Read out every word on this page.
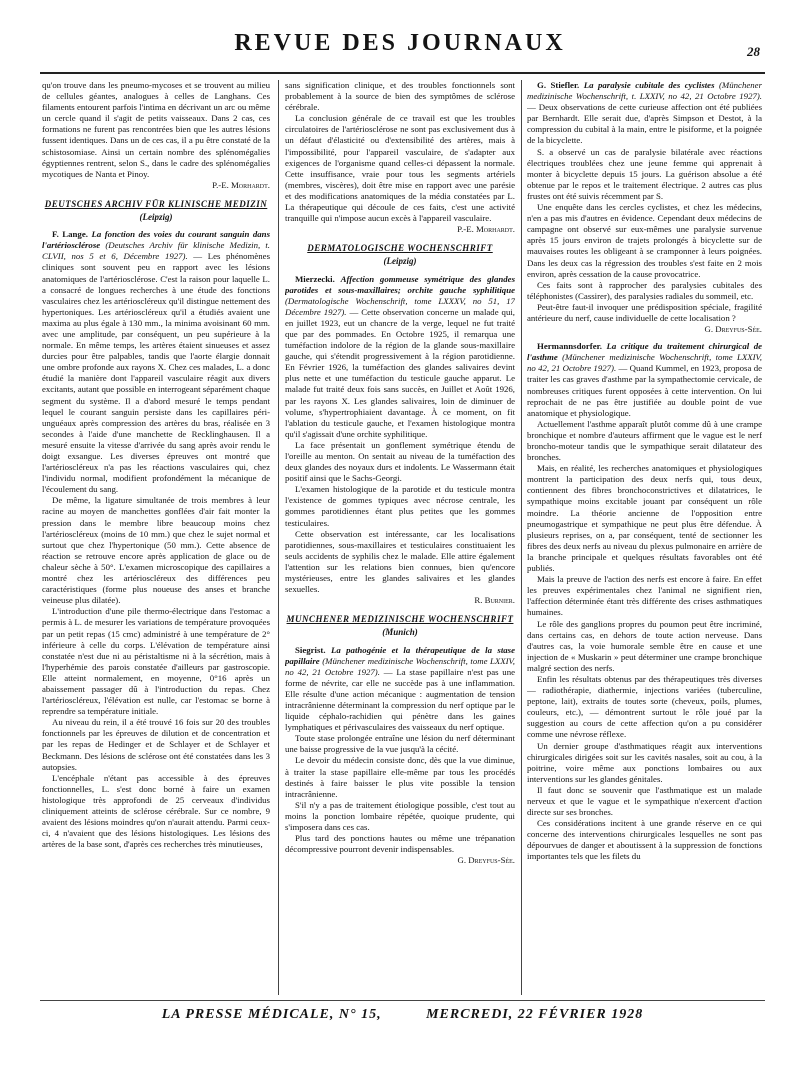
REVUE DES JOURNAUX	28

qu'on trouve dans les pneumo-mycoses et se trouvent au milieu de cellules géantes, analogues à celles de Langhans. Ces filaments entourent parfois l'intima en décrivant un arc ou même un cercle quand il s'agit de petits vaisseaux. Dans 2 cas, ces formations ne furent pas rencontrées bien que les autres lésions fussent identiques. Dans un de ces cas, il a pu être constaté de la schistosomiase. Ainsi un certain nombre des splénomégalies égyptiennes rentrent, selon S., dans le cadre des splénomégalies mycotiques de Nanta et Pinoy.

P.-E. Morhardt.

DEUTSCHES ARCHIV FÜR KLINISCHE MEDIZIN
(Leipzig)

F. Lange. La fonction des voies du courant sanguin dans l'artériosclérose (Deutsches Archiv für klinische Medizin, t. CLVII, nos 5 et 6, Décembre 1927). — Les phénomènes cliniques sont souvent peu en rapport avec les lésions anatomiques de l'artériosclérose. C'est la raison pour laquelle L. a consacré de longues recherches à une étude des fonctions vasculaires chez les artérioscléreux qu'il distingue nettement des hypertoniques. Les artérioscléreux qu'il a étudiés avaient une maxima au plus égale à 130 mm., la minima avoisinant 60 mm. avec une amplitude, par conséquent, un peu supérieure à la normale. En même temps, les artères étaient sinueuses et assez durcies pour être palpables, tandis que l'aorte élargie donnait une ombre profonde aux rayons X. Chez ces malades, L. a donc étudié la manière dont l'appareil vasculaire réagit aux divers excitants, autant que possible en interrogeant séparément chaque segment du système. Il a d'abord mesuré le temps pendant lequel le courant sanguin persiste dans les capillaires péri-unguéaux après compression des artères du bras, réalisée en 3 secondes à l'aide d'une manchette de Recklinghausen. Il a mesuré ensuite la vitesse d'arrivée du sang après avoir rendu le doigt exsangue. Les diverses épreuves ont montré que l'artérioscléreux n'a pas les réactions vasculaires qui, chez l'individu normal, modifient profondément la mécanique de l'écoulement du sang.

De même, la ligature simultanée de trois membres à leur racine au moyen de manchettes gonflées d'air fait monter la pression dans le membre libre beaucoup moins chez l'artérioscléreux (moins de 10 mm.) que chez le sujet normal et surtout que chez l'hypertonique (50 mm.). Cette absence de réaction se retrouve encore après application de glace ou de chaleur sèche à 50°. L'examen microscopique des capillaires a montré chez les artérioscléreux des différences peu caractéristiques (forme plus noueuse des anses et branche veineuse plus dilatée).

L'introduction d'une pile thermo-électrique dans l'estomac a permis à L. de mesurer les variations de température provoquées par un petit repas (15 cmc) administré à une température de 2° inférieure à celle du corps. L'élévation de température ainsi constatée n'est due ni au péristaltisme ni à la sécrétion, mais à l'hyperhémie des parois constatée d'ailleurs par gastroscopie. Elle atteint normalement, en moyenne, 0°16 après un abaissement passager dû à l'introduction du repas. Chez l'artérioscléreux, l'élévation est nulle, car l'estomac se borne à reprendre sa température initiale.

Au niveau du rein, il a été trouvé 16 fois sur 20 des troubles fonctionnels par les épreuves de dilution et de concentration et par les repas de Hedinger et de Schlayer et de Schlayer et Beckmann. Des lésions de sclérose ont été constatées dans les 3 autopsies.

L'encéphale n'étant pas accessible à des épreuves fonctionnelles, L. s'est donc borné à faire un examen histologique très approfondi de 25 cerveaux d'individus cliniquement atteints de sclérose cérébrale. Sur ce nombre, 9 avaient des lésions moindres qu'on n'aurait attendu. Parmi ceux-ci, 4 n'avaient que des lésions histologiques. Les lésions des artères de la base sont, d'après ces recherches très minutieuses,

sans signification clinique, et des troubles fonctionnels sont probablement à la source de bien des symptômes de sclérose cérébrale.

La conclusion générale de ce travail est que les troubles circulatoires de l'artériosclérose ne sont pas exclusivement dus à un défaut d'élasticité ou d'extensibilité des artères, mais à l'impossibilité, pour l'appareil vasculaire, de s'adapter aux exigences de l'organisme quand celles-ci dépassent la normale. Cette insuffisance, vraie pour tous les segments artériels (membres, viscères), doit être mise en rapport avec une parésie et des modifications anatomiques de la média constatées par L. La thérapeutique qui découle de ces faits, c'est une activité tranquille qui n'impose aucun excès à l'appareil vasculaire.

P.-E. Morhardt.

DERMATOLOGISCHE WOCHENSCHRIFT
(Leipzig)

Mierzecki. Affection gommeuse symétrique des glandes parotides et sous-maxillaires; orchite gauche syphilitique (Dermatologische Wochenschrift, tome LXXXV, no 51, 17 Décembre 1927). — Cette observation concerne un malade qui, en juillet 1923, eut un chancre de la verge, lequel ne fut traité que par des pommades. En Octobre 1925, il remarqua une tuméfaction indolore de la région de la glande sous-maxillaire gauche, qui s'étendit progressivement à la région parotidienne. En Février 1926, la tuméfaction des glandes salivaires devint plus nette et une tuméfaction du testicule gauche apparut. Le malade fut traité deux fois sans succès, en Juillet et Août 1926, par les rayons X. Les glandes salivaires, loin de diminuer de volume, s'hypertrophiaient davantage. À ce moment, on fit l'ablation du testicule gauche, et l'examen histologique montra qu'il s'agissait d'une orchite syphilitique.

La face présentait un gonflement symétrique étendu de l'oreille au menton. On sentait au niveau de la tuméfaction des deux glandes des noyaux durs et indolents. Le Wassermann était positif ainsi que le Sachs-Georgi.

L'examen histologique de la parotide et du testicule montra l'existence de gommes typiques avec nécrose centrale, les gommes parotidiennes étant plus petites que les gommes testiculaires.

Cette observation est intéressante, car les localisations parotidiennes, sous-maxillaires et testiculaires constituaient les seuls accidents de syphilis chez le malade. Elle attire également l'attention sur les relations bien connues, bien qu'encore mystérieuses, entre les glandes salivaires et les glandes sexuelles.

R. Burnier.

MUNCHENER MEDIZINISCHE WOCHENSCHRIFT
(Munich)

Siegrist. La pathogénie et la thérapeutique de la stase papillaire (Münchener medizinische Wochenschrift, tome LXXIV, no 42, 21 Octobre 1927). — La stase papillaire n'est pas une forme de névrite, car elle ne succède pas à une inflammation. Elle résulte d'une action mécanique : augmentation de tension intracrânienne déterminant la compression du nerf optique par le liquide céphalo-rachidien qui pénètre dans les gaines lymphatiques et périvasculaires des vaisseaux du nerf optique.

Toute stase prolongée entraîne une lésion du nerf déterminant une baisse progressive de la vue jusqu'à la cécité.

Le devoir du médecin consiste donc, dès que la vue diminue, à traiter la stase papillaire elle-même par tous les procédés destinés à faire baisser le plus vite possible la tension intracrânienne.

S'il n'y a pas de traitement étiologique possible, c'est tout au moins la ponction lombaire répétée, quoique prudente, qui s'imposera dans ces cas.

Plus tard des ponctions hautes ou même une trépanation décompressive pourront devenir indispensables.

G. Dreyfus-Sée.

G. Stiefler. La paralysie cubitale des cyclistes (Münchener medizinische Wochenschrift, t. LXXIV, no 42, 21 Octobre 1927). — Deux observations de cette curieuse affection ont été publiées par Bernhardt. Elle serait due, d'après Simpson et Destot, à la compression du cubital à la main, entre le pisiforme, et la poignée de la bicyclette.

S. a observé un cas de paralysie bilatérale avec réactions électriques troublées chez une jeune femme qui apprenait à monter à bicyclette depuis 15 jours. La guérison absolue a été obtenue par le repos et le traitement électrique. 2 autres cas plus frustes ont été suivis récemment par S.

Une enquête dans les cercles cyclistes, et chez les médecins, n'en a pas mis d'autres en évidence. Cependant deux médecins de campagne ont observé sur eux-mêmes une paralysie survenue après 15 jours environ de trajets prolongés à bicyclette sur de mauvaises routes les obligeant à se cramponner à leurs poignées. Dans les deux cas la régression des troubles s'est faite en 2 mois environ, après cessation de la cause provocatrice.

Ces faits sont à rapprocher des paralysies cubitales des téléphonistes (Cassirer), des paralysies radiales du sommeil, etc.

Peut-être faut-il invoquer une prédisposition spéciale, fragilité antérieure du nerf, cause individuelle de cette localisation ?

G. Dreyfus-Sée.

Hermannsdorfer. La critique du traitement chirurgical de l'asthme (Münchener medizinische Wochenschrift, tome LXXIV, no 42, 21 Octobre 1927). — Quand Kummel, en 1923, proposa de traiter les cas graves d'asthme par la sympathectomie cervicale, de nombreuses critiques furent opposées à cette intervention. On lui reprochait de ne pas être justifiée au double point de vue anatomique et physiologique.

Actuellement l'asthme apparaît plutôt comme dû à une crampe bronchique et nombre d'auteurs affirment que le vague est le nerf broncho-moteur tandis que le sympathique serait dilatateur des bronches.

Mais, en réalité, les recherches anatomiques et physiologiques montrent la participation des deux nerfs qui, tous deux, contiennent des fibres bronchoconstrictives et dilatatrices, le sympathique moins excitable jouant par conséquent un rôle moindre. La théorie ancienne de l'opposition entre pneumogastrique et sympathique ne peut plus être défendue. À plusieurs reprises, on a, par conséquent, tenté de sectionner les fibres des deux nerfs au niveau du plexus pulmonaire en arrière de la branche principale et quelques résultats favorables ont été publiés.

Mais la preuve de l'action des nerfs est encore à faire. En effet les preuves expérimentales chez l'animal ne signifient rien, l'affection déterminée étant très différente des crises asthmatiques humaines.

Le rôle des ganglions propres du poumon peut être incriminé, dans certains cas, en dehors de toute action nerveuse. Dans d'autres cas, la voie humorale semble être en cause et une injection de « Muskarin » peut déterminer une crampe bronchique malgré section des nerfs.

Enfin les résultats obtenus par des thérapeutiques très diverses — radiothérapie, diathermie, injections variées (tuberculine, peptone, lait), extraits de toutes sorte (cheveux, poils, plumes, couleurs, etc.), — démontrent surtout le rôle joué par la suggestion au cours de cette affection qu'on a pu considérer comme une névrose réflexe.

Un dernier groupe d'asthmatiques réagit aux interventions chirurgicales dirigées soit sur les cavités nasales, soit au cou, à la poitrine, voire même aux ponctions lombaires ou aux interventions sur les glandes génitales.

Il faut donc se souvenir que l'asthmatique est un malade nerveux et que le vague et le sympathique n'exercent d'action directe sur ses bronches.

Ces considérations incitent à une grande réserve en ce qui concerne des interventions chirurgicales lesquelles ne sont pas dépourvues de danger et aboutissent à la suppression de fonctions importantes tels que les filets du

LA PRESSE MÉDICALE, N° 15,	MERCREDI, 22 FÉVRIER 1928
